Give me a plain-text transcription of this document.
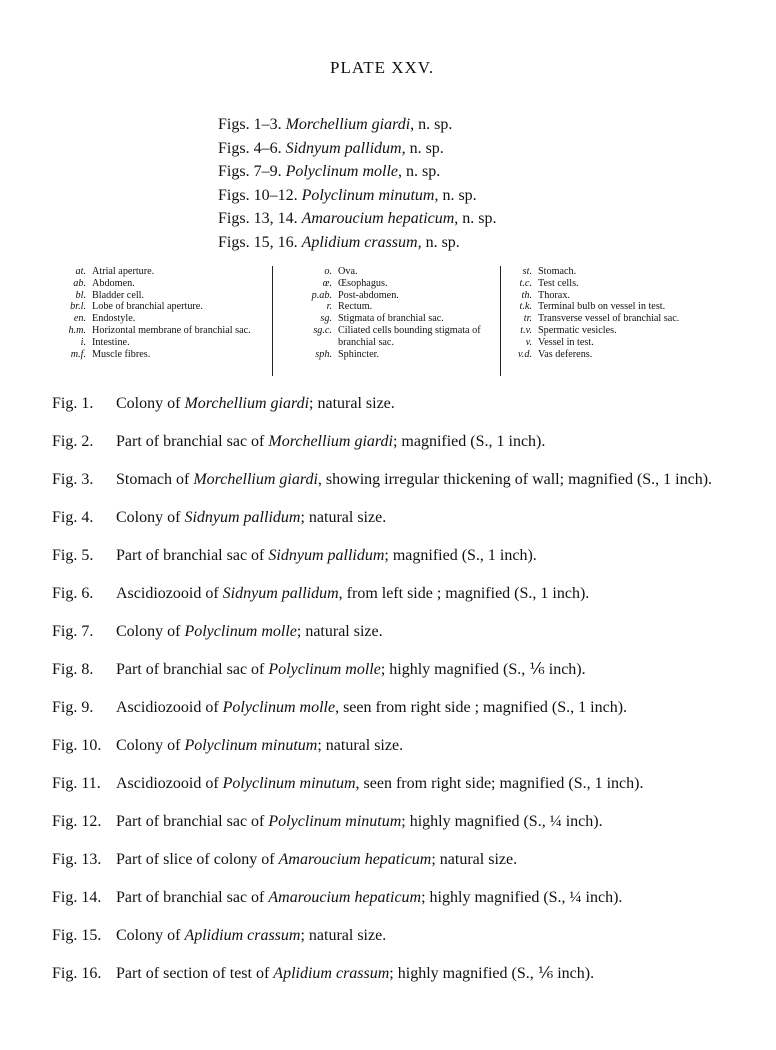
PLATE XXV.
Figs. 1–3. Morchellium giardi, n. sp.
Figs. 4–6. Sidnyum pallidum, n. sp.
Figs. 7–9. Polyclinum molle, n. sp.
Figs. 10–12. Polyclinum minutum, n. sp.
Figs. 13, 14. Amaroucium hepaticum, n. sp.
Figs. 15, 16. Aplidium crassum, n. sp.
at. Atrial aperture.
ab. Abdomen.
bl. Bladder cell.
br.l. Lobe of branchial aperture.
en. Endostyle.
h.m. Horizontal membrane of branchial sac.
i. Intestine.
m.f. Muscle fibres.
o. Ova.
œ. Œsophagus.
p.ab. Post-abdomen.
r. Rectum.
sg. Stigmata of branchial sac.
sg.c. Ciliated cells bounding stigmata of branchial sac.
sph. Sphincter.
st. Stomach.
t.c. Test cells.
th. Thorax.
t.k. Terminal bulb on vessel in test.
tr. Transverse vessel of branchial sac.
t.v. Spermatic vesicles.
v. Vessel in test.
v.d. Vas deferens.
Fig. 1.	Colony of Morchellium giardi; natural size.
Fig. 2.	Part of branchial sac of Morchellium giardi; magnified (S., 1 inch).
Fig. 3.	Stomach of Morchellium giardi, showing irregular thickening of wall; magnified (S., 1 inch).
Fig. 4.	Colony of Sidnyum pallidum; natural size.
Fig. 5.	Part of branchial sac of Sidnyum pallidum; magnified (S., 1 inch).
Fig. 6.	Ascidiozooid of Sidnyum pallidum, from left side ; magnified (S., 1 inch).
Fig. 7.	Colony of Polyclinum molle; natural size.
Fig. 8.	Part of branchial sac of Polyclinum molle; highly magnified (S., ⅙ inch).
Fig. 9.	Ascidiozooid of Polyclinum molle, seen from right side ; magnified (S., 1 inch).
Fig. 10. Colony of Polyclinum minutum; natural size.
Fig. 11. Ascidiozooid of Polyclinum minutum, seen from right side; magnified (S., 1 inch).
Fig. 12. Part of branchial sac of Polyclinum minutum; highly magnified (S., ¼ inch).
Fig. 13. Part of slice of colony of Amaroucium hepaticum; natural size.
Fig. 14. Part of branchial sac of Amaroucium hepaticum; highly magnified (S., ¼ inch).
Fig. 15. Colony of Aplidium crassum; natural size.
Fig. 16. Part of section of test of Aplidium crassum; highly magnified (S., ⅙ inch).
